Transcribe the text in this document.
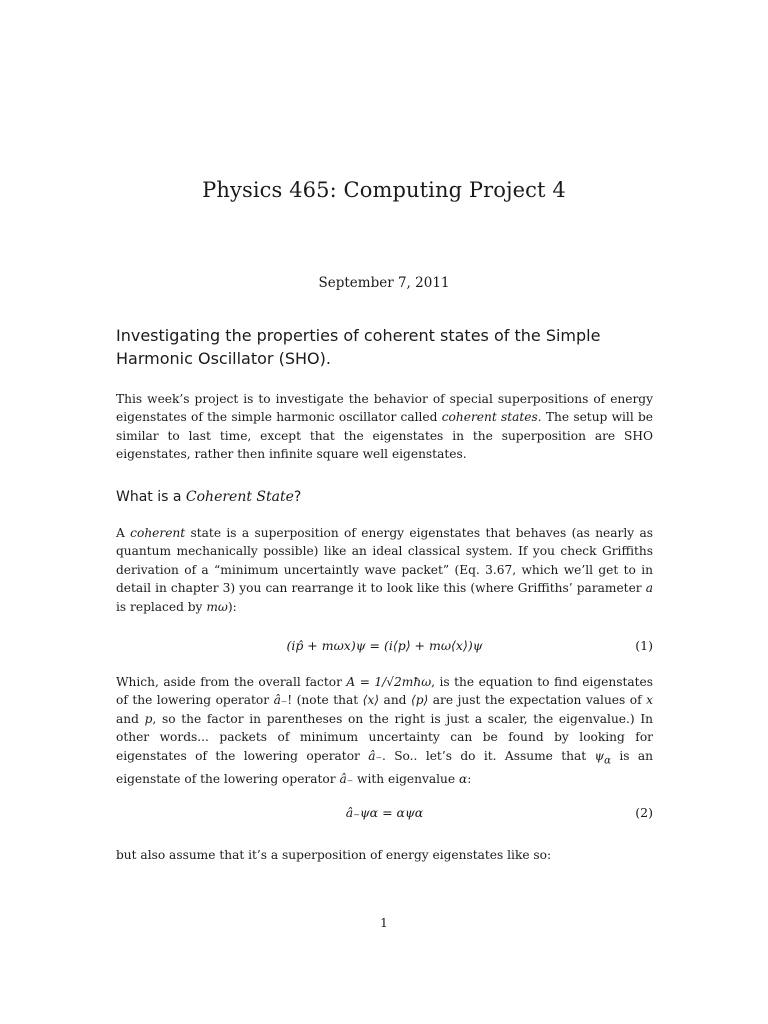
Physics 465: Computing Project 4
September 7, 2011
Investigating the properties of coherent states of the Simple Harmonic Oscillator (SHO).
This week’s project is to investigate the behavior of special superpositions of energy eigenstates of the simple harmonic oscillator called coherent states. The setup will be similar to last time, except that the eigenstates in the superposition are SHO eigenstates, rather then infinite square well eigenstates.
What is a Coherent State?
A coherent state is a superposition of energy eigenstates that behaves (as nearly as quantum mechanically possible) like an ideal classical system. If you check Griffiths derivation of a “minimum uncertaintly wave packet” (Eq. 3.67, which we’ll get to in detail in chapter 3) you can rearrange it to look like this (where Griffiths’ parameter a is replaced by mω):
(ip̂ + mωx)ψ = (i⟨p⟩ + mω⟨x⟩)ψ	(1)
Which, aside from the overall factor A = 1/√2mħω, is the equation to find eigenstates of the lowering operator â₋! (note that ⟨x⟩ and ⟨p⟩ are just the expectation values of x and p, so the factor in parentheses on the right is just a scaler, the eigenvalue.) In other words... packets of minimum uncertainty can be found by looking for eigenstates of the lowering operator â₋. So.. let’s do it. Assume that $\psi_\alpha$ is an eigenstate of the lowering operator â₋ with eigenvalue α:
â₋ψα = αψα	(2)
but also assume that it’s a superposition of energy eigenstates like so:
1
